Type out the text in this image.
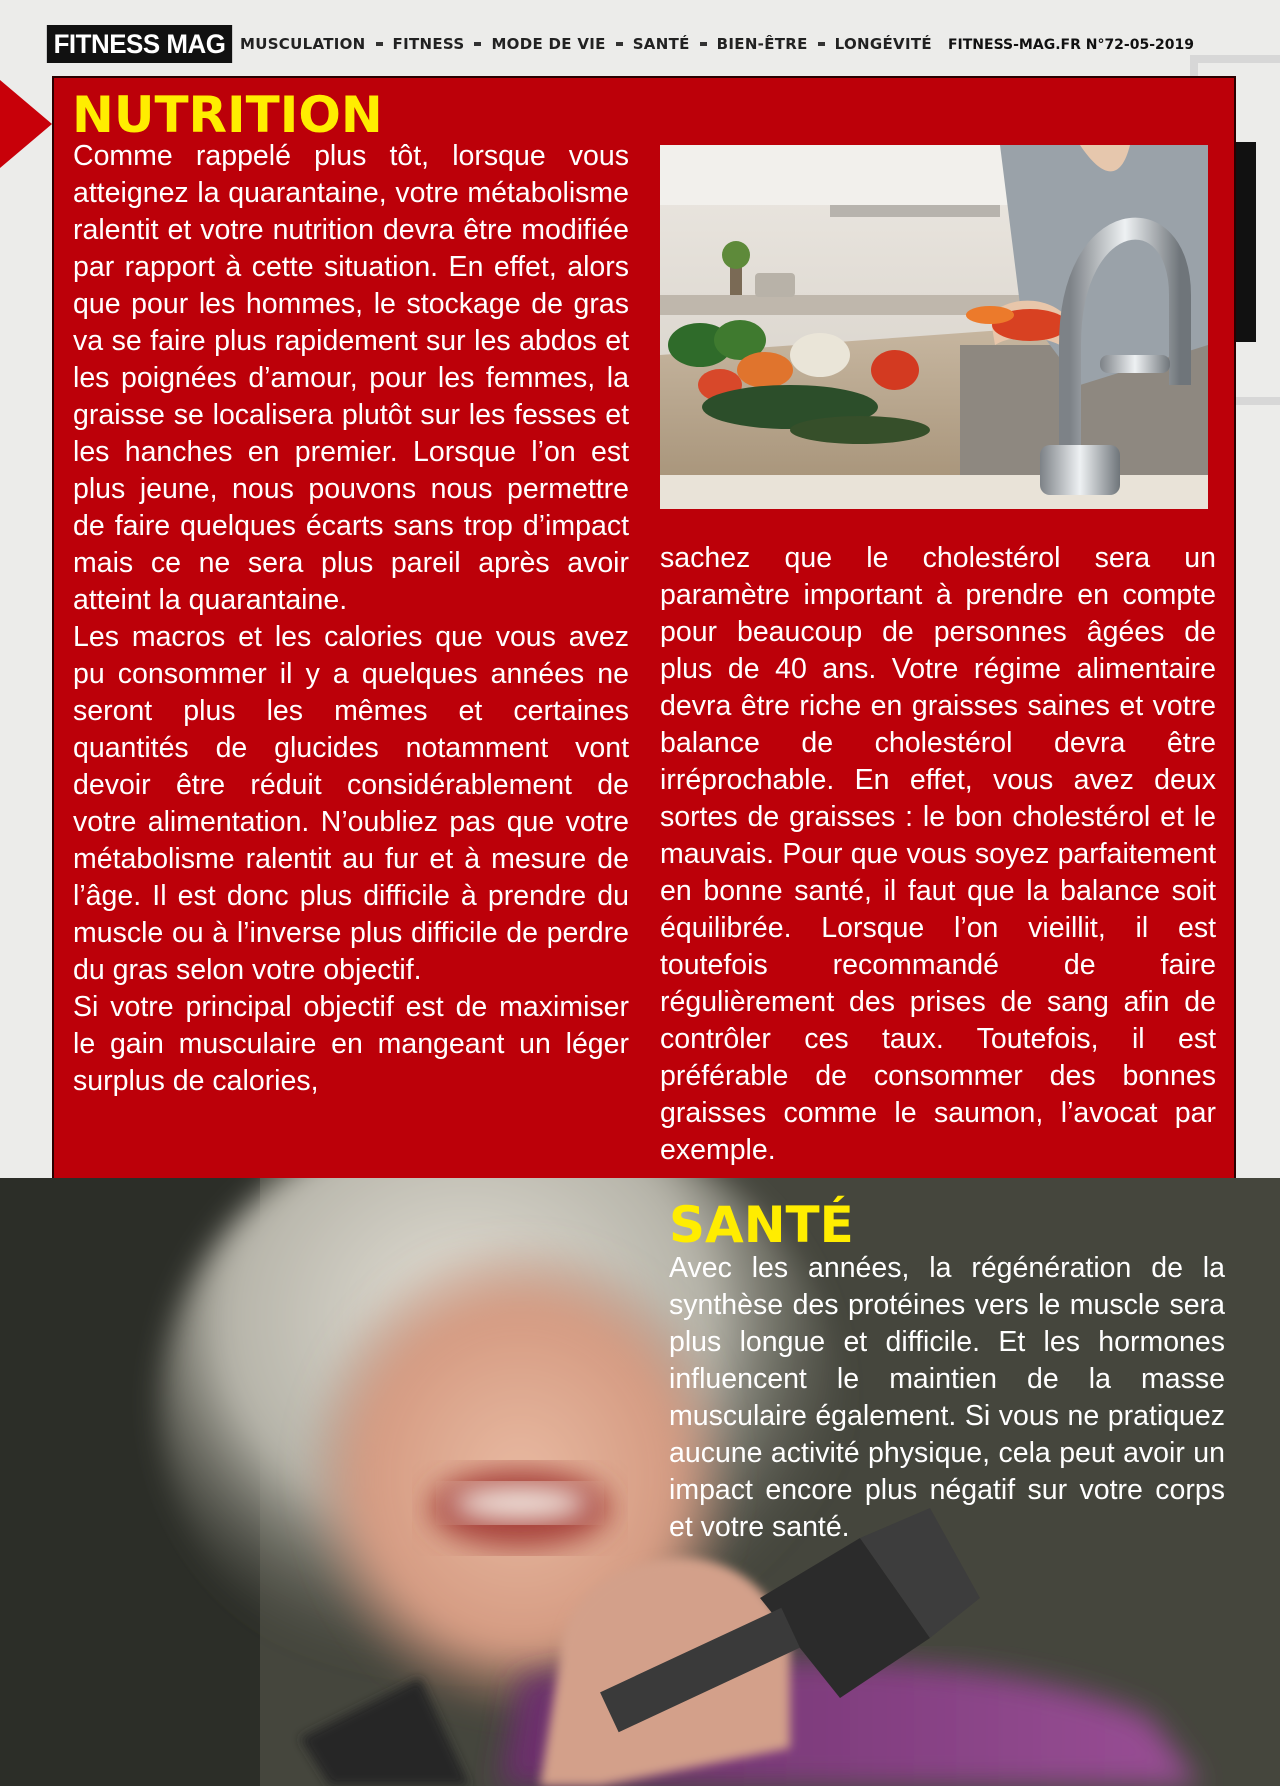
FITNESS MAG MUSCULATION FITNESS MODE DE VIE SANTÉ BIEN-ÊTRE LONGÉVITÉ FITNESS-MAG.FR N°72-05-2019
NUTRITION

Comme rappelé plus tôt, lorsque vous atteignez la quarantaine, votre métabolisme ralentit et votre nutrition devra être modifiée par rapport à cette situation. En effet, alors que pour les hommes, le stockage de gras va se faire plus rapidement sur les abdos et les poignées d’amour, pour les femmes, la graisse se localisera plutôt sur les fesses et les hanches en premier. Lorsque l’on est plus jeune, nous pouvons nous permettre de faire quelques écarts sans trop d’impact mais ce ne sera plus pareil après avoir atteint la quarantaine.

Les macros et les calories que vous avez pu consommer il y a quelques années ne seront plus les mêmes et certaines quantités de glucides notamment vont devoir être réduit considérablement de votre alimentation. N’oubliez pas que votre métabolisme ralentit au fur et à mesure de l’âge. Il est donc plus difficile à prendre du muscle ou à l’inverse plus difficile de perdre du gras selon votre objectif.

Si votre principal objectif est de maximiser le gain musculaire en mangeant un léger surplus de calories,

sachez que le cholestérol sera un paramètre important à prendre en compte pour beaucoup de personnes âgées de plus de 40 ans. Votre régime alimentaire devra être riche en graisses saines et votre balance de cholestérol devra être irréprochable. En effet, vous avez deux sortes de graisses : le bon cholestérol et le mauvais. Pour que vous soyez parfaitement en bonne santé, il faut que la balance soit équilibrée. Lorsque l’on vieillit, il est toutefois recommandé de faire régulièrement des prises de sang afin de contrôler ces taux. Toutefois, il est préférable de consommer des bonnes graisses comme le saumon, l’avocat par exemple.

SANTÉ

Avec les années, la régénération de la synthèse des protéines vers le muscle sera plus longue et difficile. Et les hormones influencent le maintien de la masse musculaire également. Si vous ne pratiquez aucune activité physique, cela peut avoir un impact encore plus négatif sur votre corps et votre santé.
